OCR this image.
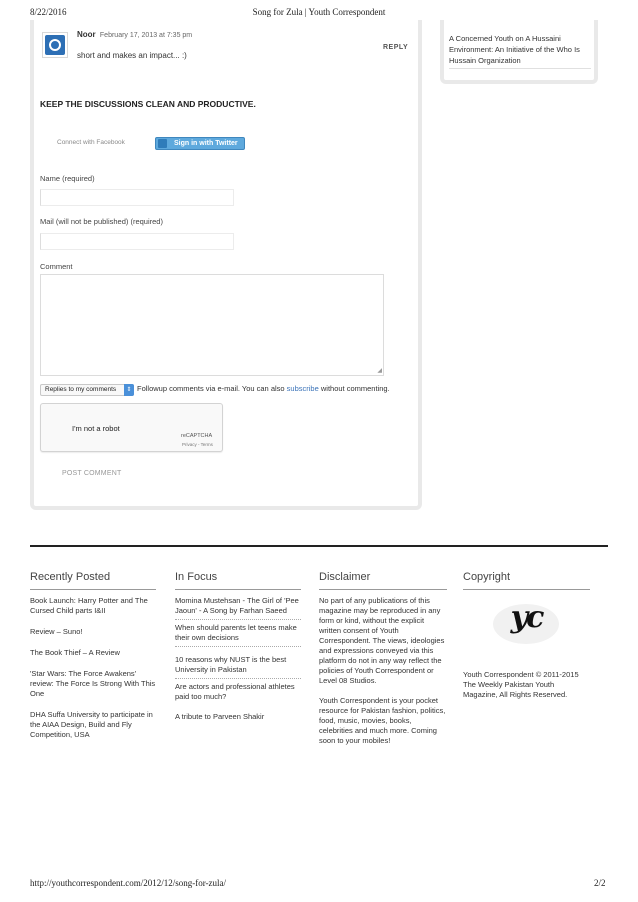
8/22/2016	Song for Zula | Youth Correspondent
Noor February 17, 2013 at 7:35 pm
REPLY
short and makes an impact... :)
KEEP THE DISCUSSIONS CLEAN AND PRODUCTIVE.
Connect with Facebook	Sign in with Twitter
Name (required)
Mail (will not be published) (required)
Comment
◢
Replies to my comments	⇕ Followup comments via e-mail. You can also subscribe without commenting.
I'm not a robot
reCAPTCHA
Privacy - Terms
POST COMMENT
A Concerned Youth on A Hussaini Environment: An Initiative of the Who Is Hussain Organization
Recently Posted
Book Launch: Harry Potter and The Cursed Child parts I&II
Review – Suno!
The Book Thief – A Review
'Star Wars: The Force Awakens' review: The Force Is Strong With This One
DHA Suffa University to participate in the AIAA Design, Build and Fly Competition, USA
In Focus
Momina Mustehsan - The Girl of 'Pee Jaoun' - A Song by Farhan Saeed
When should parents let teens make their own decisions
10 reasons why NUST is the best University in Pakistan
Are actors and professional athletes paid too much?
A tribute to Parveen Shakir
Disclaimer
No part of any publications of this magazine may be reproduced in any form or kind, without the explicit written consent of Youth Correspondent. The views, ideologies and expressions conveyed via this platform do not in any way reflect the policies of Youth Correspondent or Level 08 Studios.
Youth Correspondent is your pocket resource for Pakistan fashion, politics, food, music, movies, books, celebrities and much more. Coming soon to your mobiles!
Copyright
yc
Youth Correspondent © 2011-2015 The Weekly Pakistan Youth Magazine, All Rights Reserved.
http://youthcorrespondent.com/2012/12/song-for-zula/	2/2
